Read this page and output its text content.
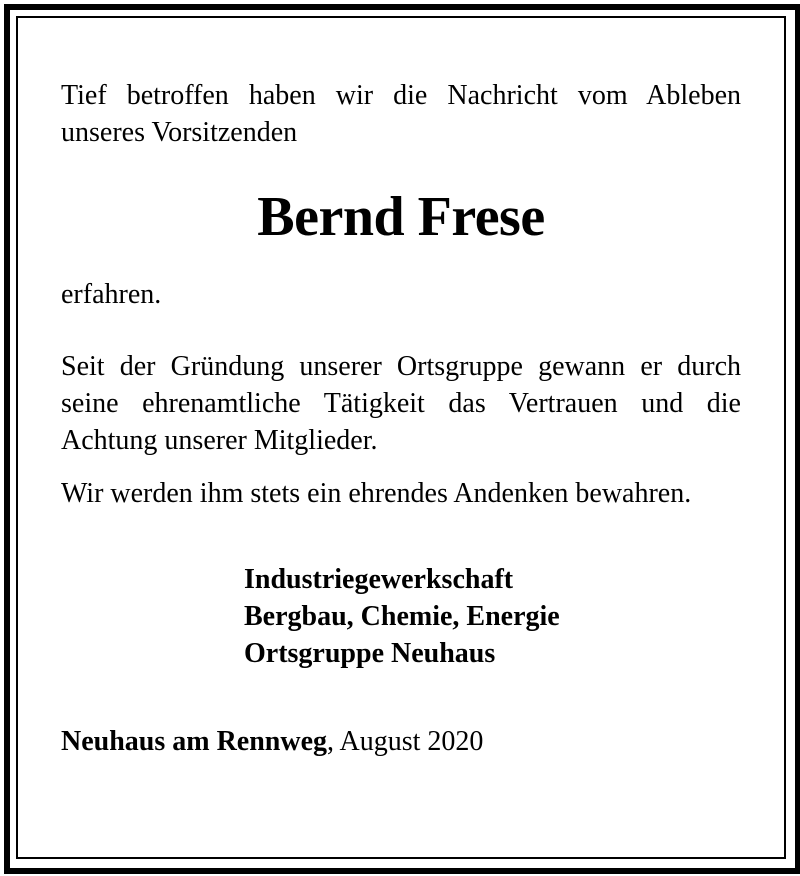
Tief betroffen haben wir die Nachricht vom Ableben
unseres Vorsitzenden

Bernd Frese

erfahren.

Seit der Gründung unserer Ortsgruppe gewann er durch
seine ehrenamtliche Tätigkeit das Vertrauen und die
Achtung unserer Mitglieder.

Wir werden ihm stets ein ehrendes Andenken bewahren.

Industriegewerkschaft
Bergbau, Chemie, Energie
Ortsgruppe Neuhaus

Neuhaus am Rennweg, August 2020
